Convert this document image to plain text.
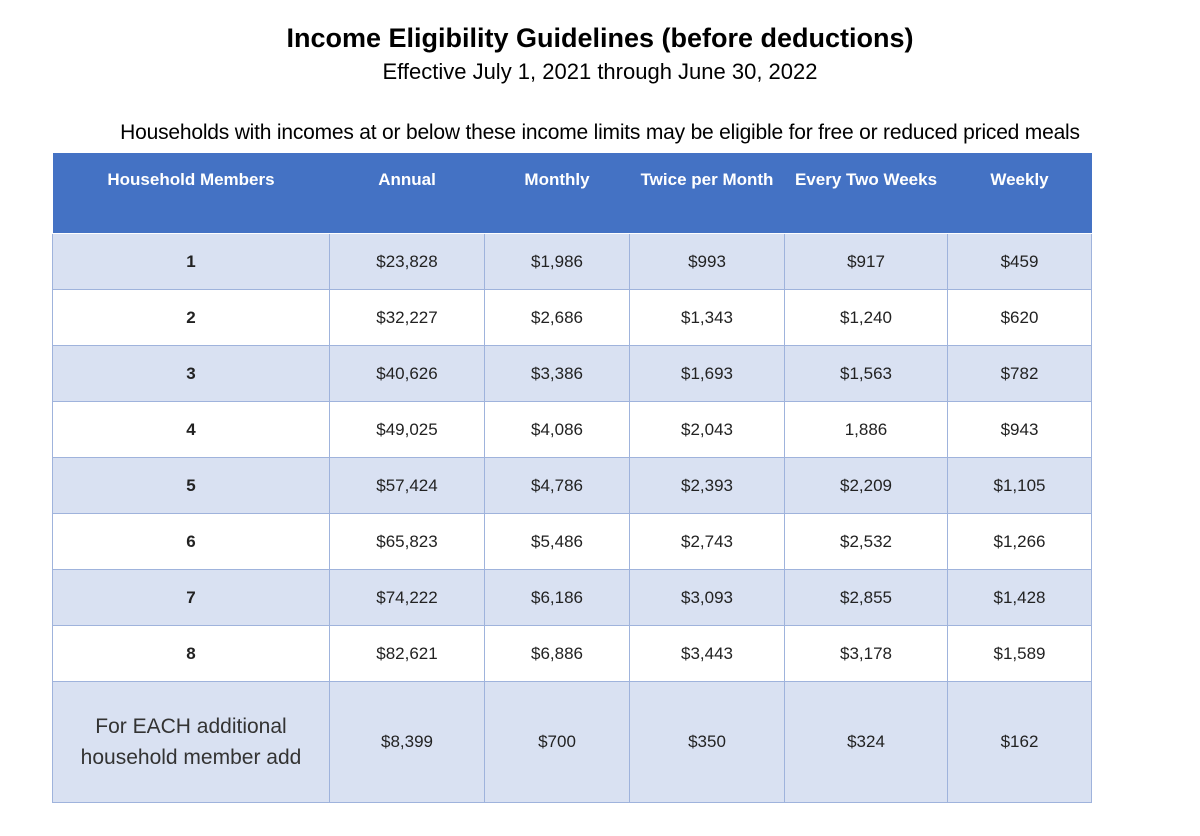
Income Eligibility Guidelines (before deductions)
Effective July 1, 2021 through June 30, 2022
Households with incomes at or below these income limits may be eligible for free or reduced priced meals
Household Members	Annual	Monthly	Twice per Month	Every Two Weeks	Weekly
1	$23,828	$1,986	$993	$917	$459
2	$32,227	$2,686	$1,343	$1,240	$620
3	$40,626	$3,386	$1,693	$1,563	$782
4	$49,025	$4,086	$2,043	1,886	$943
5	$57,424	$4,786	$2,393	$2,209	$1,105
6	$65,823	$5,486	$2,743	$2,532	$1,266
7	$74,222	$6,186	$3,093	$2,855	$1,428
8	$82,621	$6,886	$3,443	$3,178	$1,589
For EACH additional household member add	$8,399	$700	$350	$324	$162
